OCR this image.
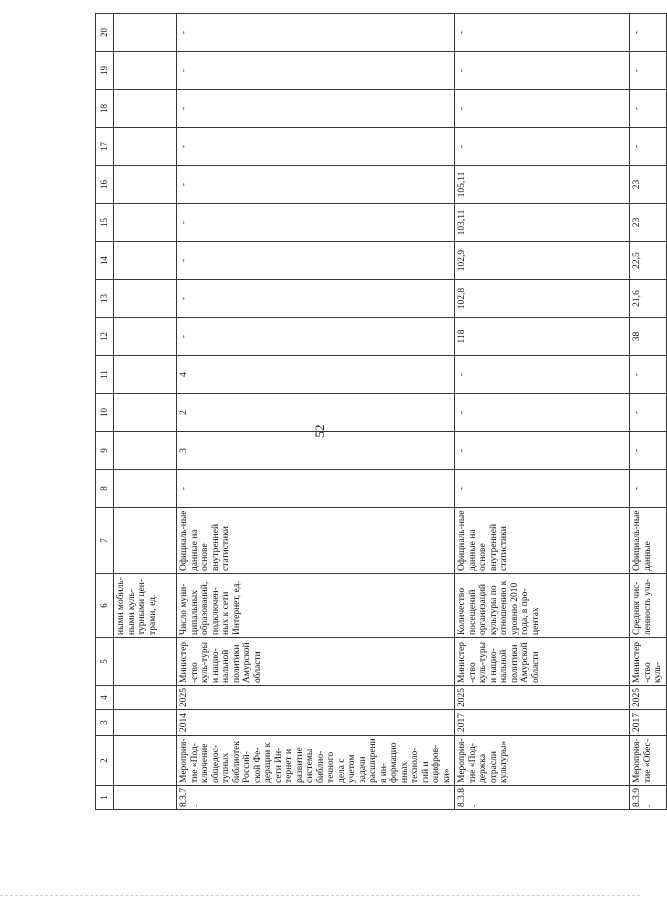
52
1	2	3	4	5	6	7	8	9	10	11	12	13	14	15	16	17	18	19	20
					ными мобиль-ными куль-турными цен-трами, ед.														
8.3.7.	Мероприя-тие «Под-ключение общедос-тупных библиотек Россий-ской Фе-дерации к сети Ин-тернет и развитие системы библио-течного дела с учетом задачи расширения ин-формационных техноло-гий и оцифров-ки»	2014	2025	Министер-ство куль-туры и нацио-нальной политики Амурской области	Число муни-ципальных образований, подключен-ных к сети Интернет, ед.	Официаль-ные данные на основе внутренней статистики	-	3	2	4	-	-	-	-	-	-	-	-	-
8.3.8.	Мероприя-тие «Под-держка отрасли культуры»	2017	2025	Министер-ство куль-туры и нацио-нальной политики Амурской области	Количество посещений организаций культуры по отношению к уровню 2010 года, в про-центах	Официаль-ные данные на основе внутренней статистики	-	-	-	-	118	102,8	102,9	103,11	105,11	-	-	-	-
8.3.9.	Мероприя-тие «Обес-	2017	2025	Министер-ство куль-	Средняя чис-ленность уча-	Официаль-ные данные	-	-	-	-	38	21,6	22,5	23	23	-	-	-	-
